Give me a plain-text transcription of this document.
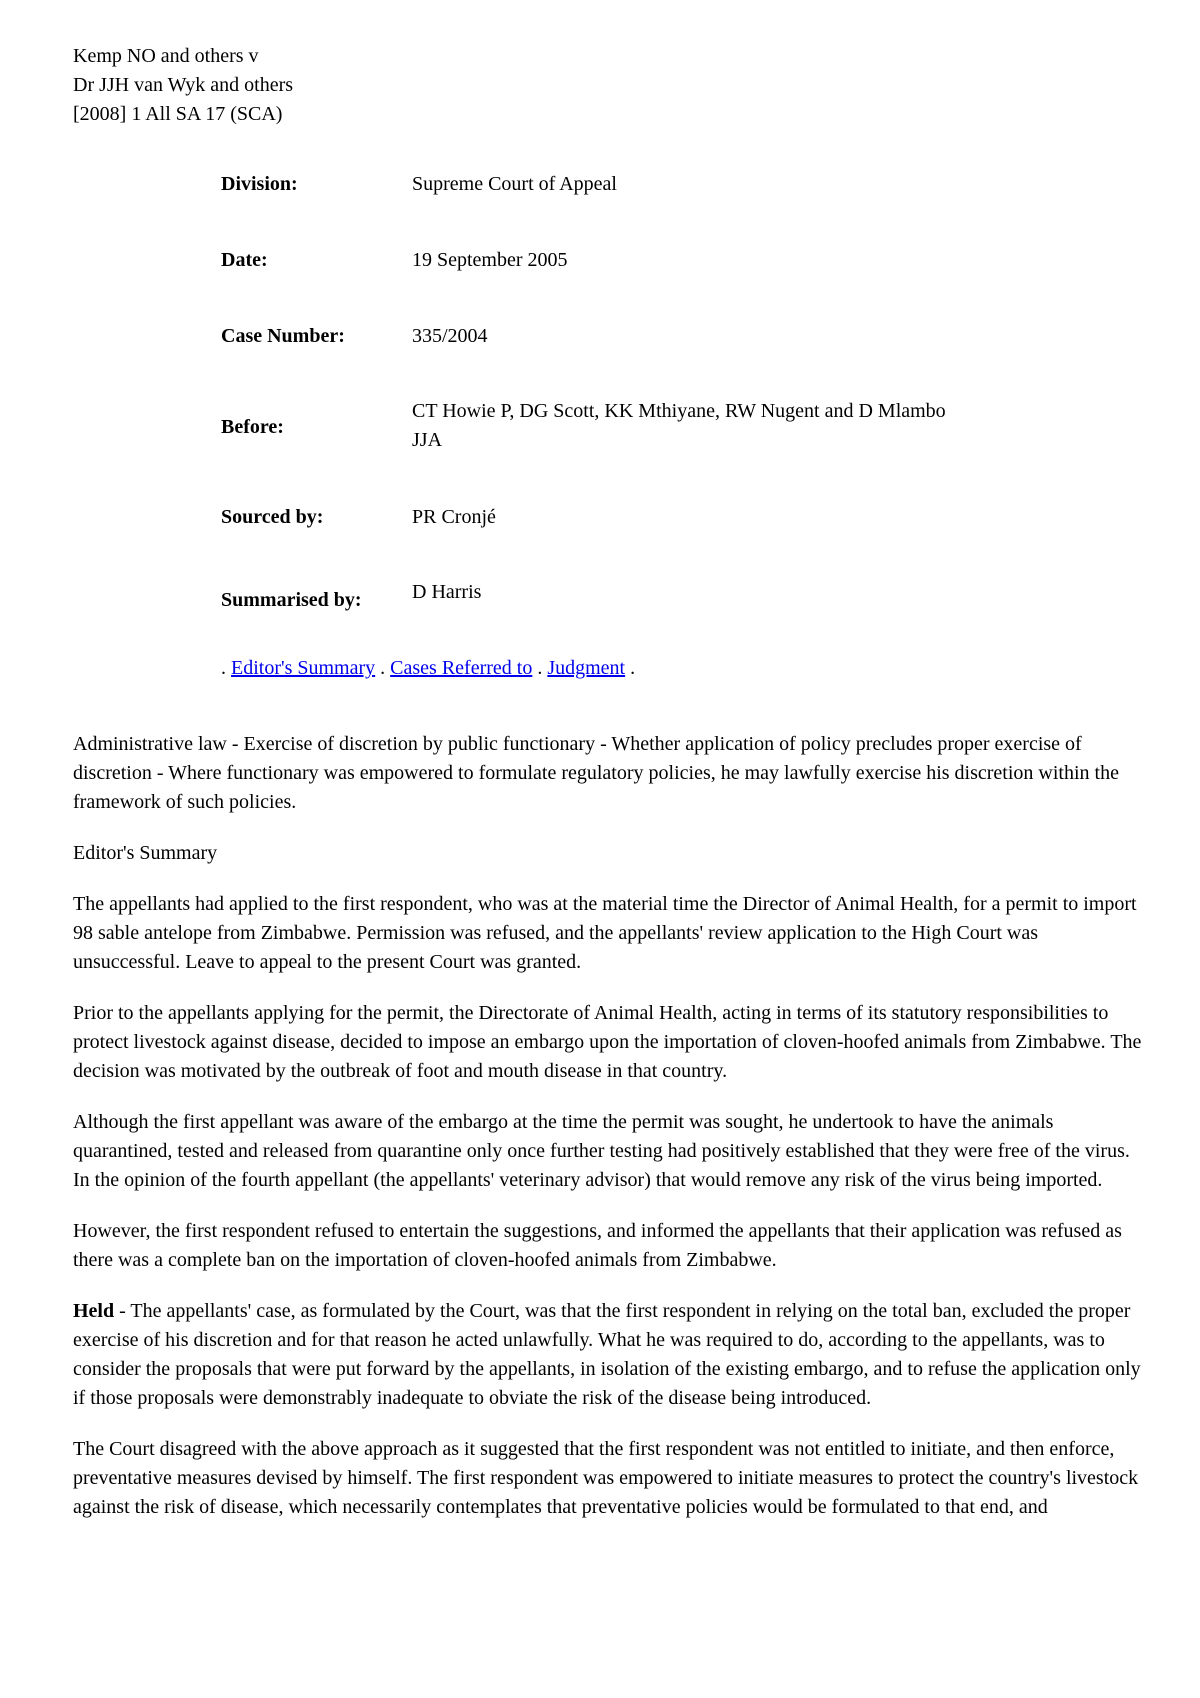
Kemp NO and others v
Dr JJH van Wyk and others
[2008] 1 All SA 17 (SCA)
Division:	Supreme Court of Appeal
Date:	19 September 2005
Case Number:	335/2004
Before:
CT Howie P, DG Scott, KK Mthiyane, RW Nugent and D Mlambo JJA
Sourced by:	PR Cronjé
Summarised by:	D Harris
. Editor's Summary . Cases Referred to . Judgment .

Administrative law - Exercise of discretion by public functionary - Whether application of policy precludes proper exercise of discretion - Where functionary was empowered to formulate regulatory policies, he may lawfully exercise his discretion within the framework of such policies.

Editor's Summary

The appellants had applied to the first respondent, who was at the material time the Director of Animal Health, for a permit to import 98 sable antelope from Zimbabwe. Permission was refused, and the appellants' review application to the High Court was unsuccessful. Leave to appeal to the present Court was granted.

Prior to the appellants applying for the permit, the Directorate of Animal Health, acting in terms of its statutory responsibilities to protect livestock against disease, decided to impose an embargo upon the importation of cloven-hoofed animals from Zimbabwe. The decision was motivated by the outbreak of foot and mouth disease in that country.

Although the first appellant was aware of the embargo at the time the permit was sought, he undertook to have the animals quarantined, tested and released from quarantine only once further testing had positively established that they were free of the virus. In the opinion of the fourth appellant (the appellants' veterinary advisor) that would remove any risk of the virus being imported.

However, the first respondent refused to entertain the suggestions, and informed the appellants that their application was refused as there was a complete ban on the importation of cloven-hoofed animals from Zimbabwe.

Held - The appellants' case, as formulated by the Court, was that the first respondent in relying on the total ban, excluded the proper exercise of his discretion and for that reason he acted unlawfully. What he was required to do, according to the appellants, was to consider the proposals that were put forward by the appellants, in isolation of the existing embargo, and to refuse the application only if those proposals were demonstrably inadequate to obviate the risk of the disease being introduced.

The Court disagreed with the above approach as it suggested that the first respondent was not entitled to initiate, and then enforce, preventative measures devised by himself. The first respondent was empowered to initiate measures to protect the country's livestock against the risk of disease, which necessarily contemplates that preventative policies would be formulated to that end, and
